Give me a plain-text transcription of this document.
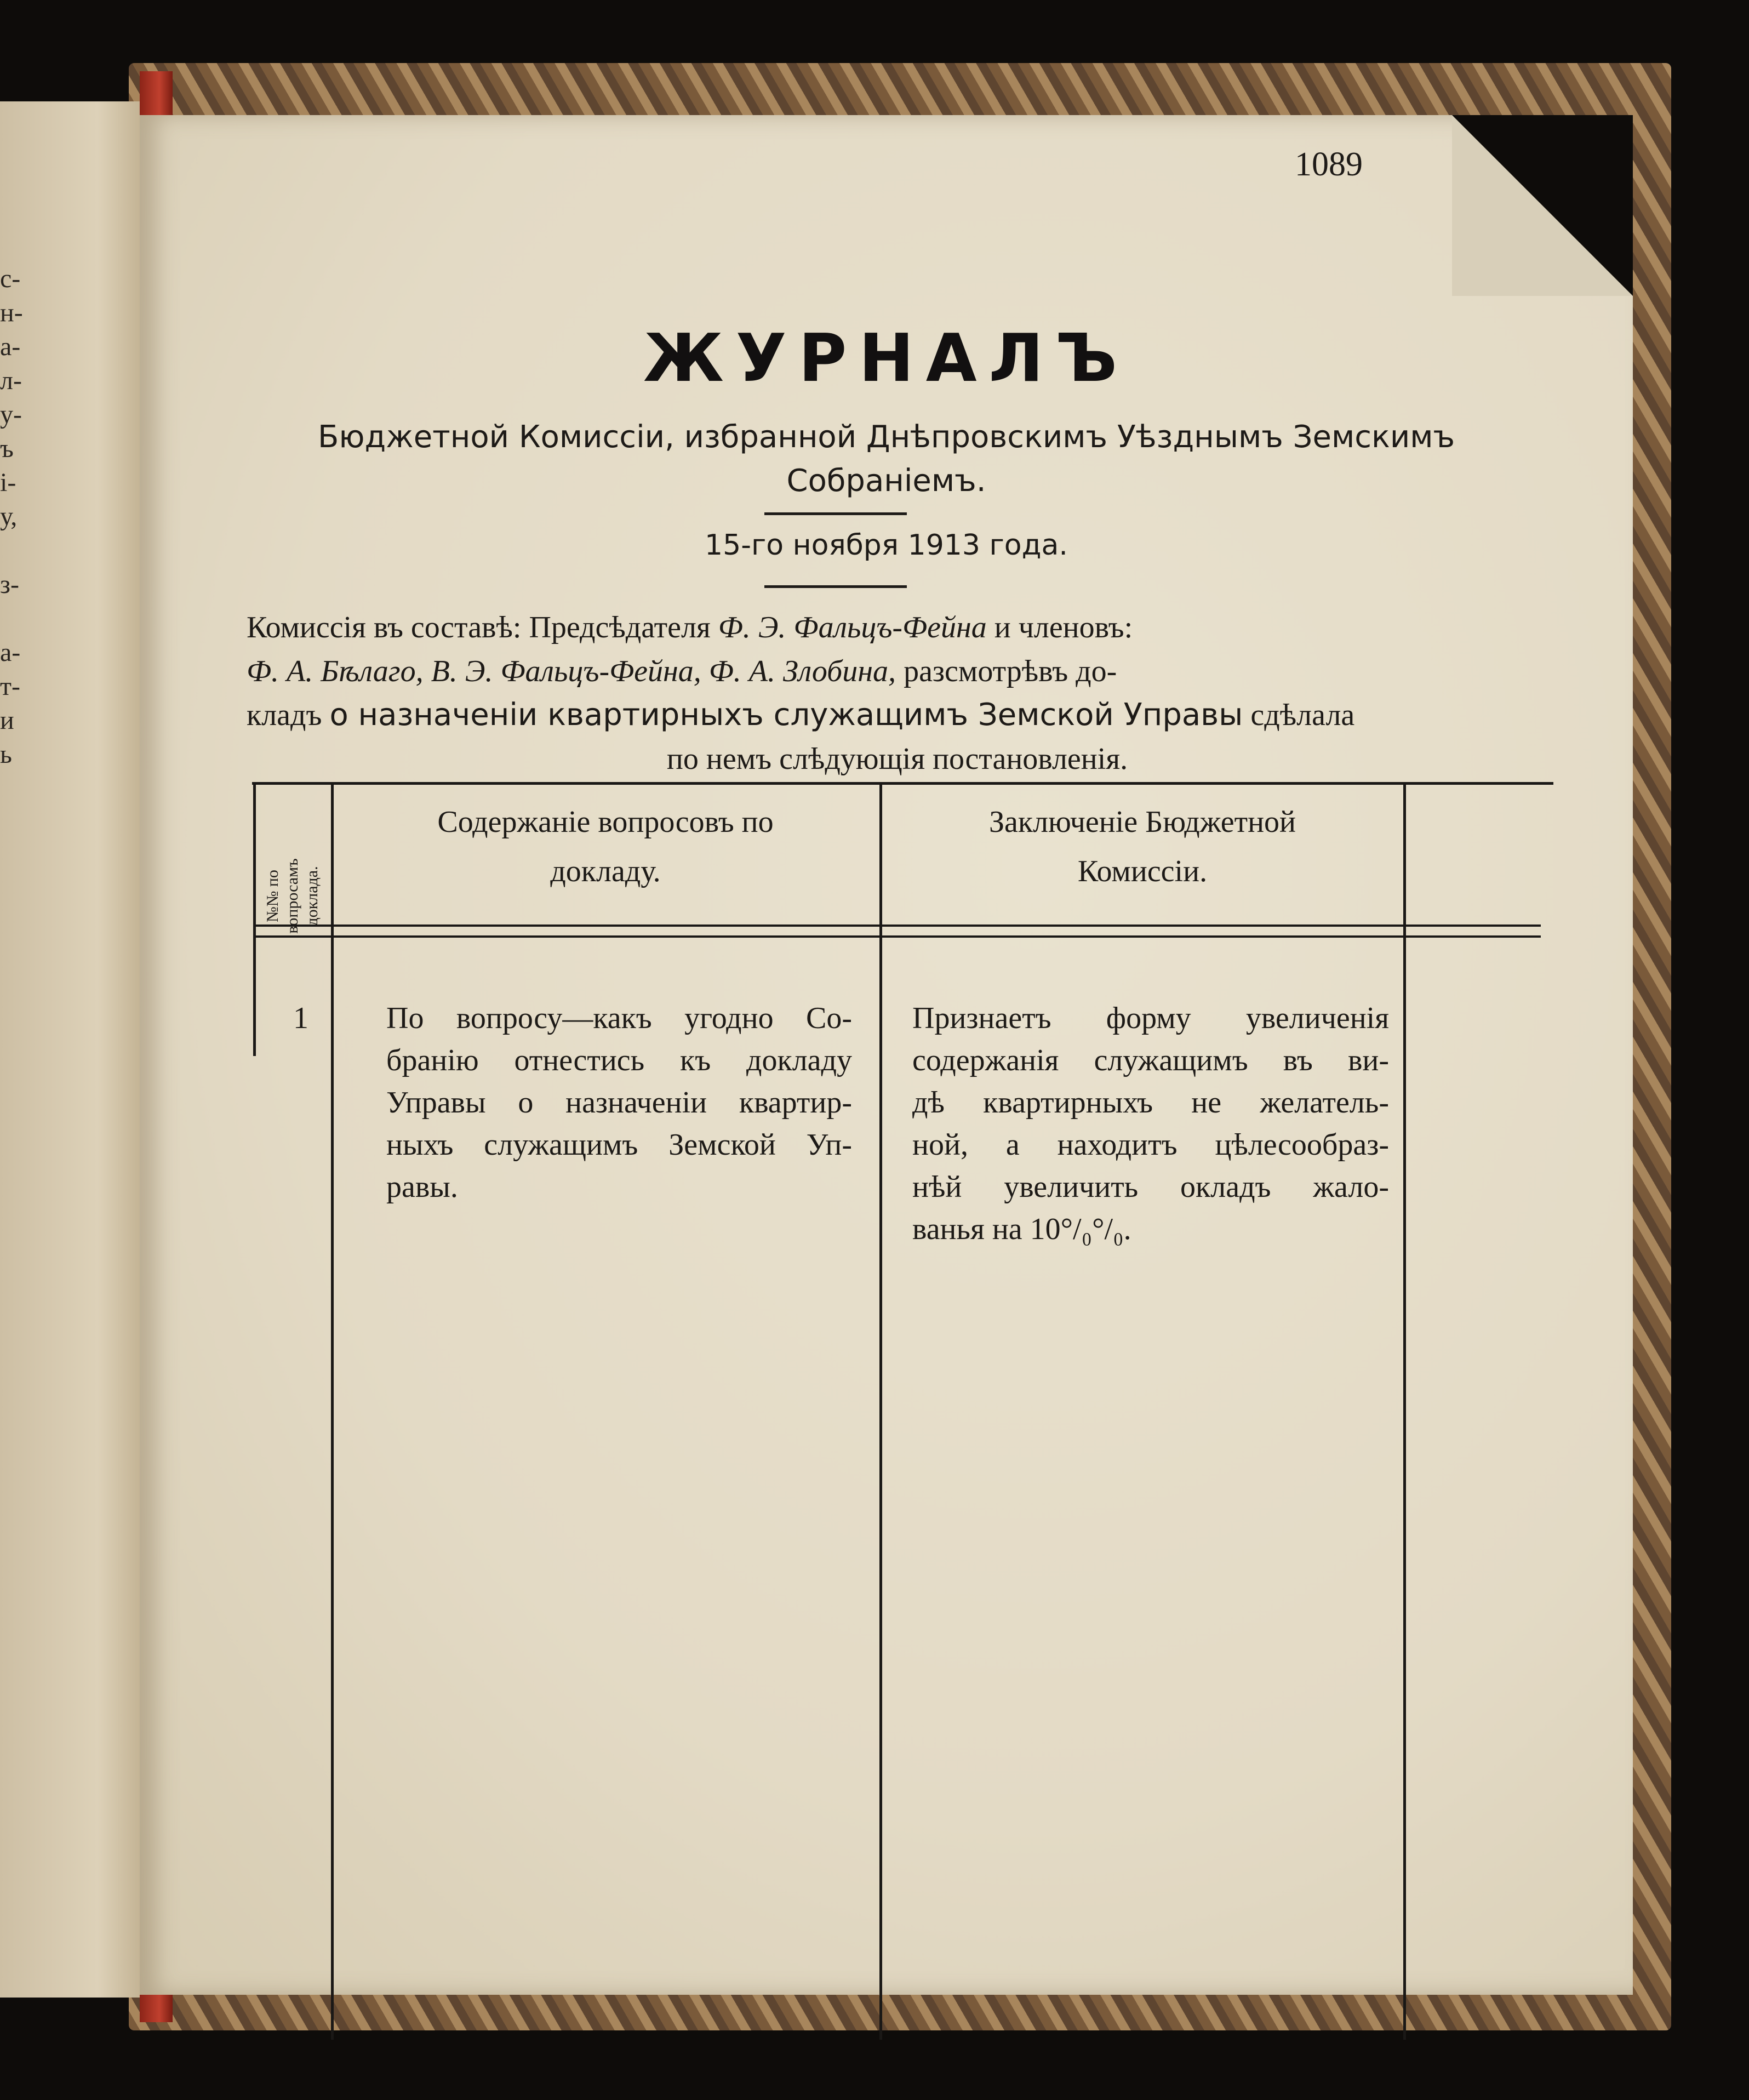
с-
н-
а-
л-
у-
ъ
і-
у,
з-
а-
т-
и
ь
1089
ЖУРНАЛЪ
Бюджетной Комиссіи, избранной Днѣпровскимъ Уѣзднымъ Земскимъ
Собраніемъ.
15-го ноября 1913 года.
Комиссія въ составѣ: Предсѣдателя Ф. Э. Фальцъ-Фейна и членовъ:
Ф. А. Бѣлаго, В. Э. Фальцъ-Фейна, Ф. А. Злобина, разсмотрѣвъ до-
кладъ о назначеніи квартирныхъ служащимъ Земской Управы сдѣлала
по немъ слѣдующія постановленія.
№№ по вопросамъ доклада.
Содержаніе вопросовъ по
докладу.
Заключеніе Бюджетной
Комиссіи.
1	По вопросу—какъ угодно Со-
бранію отнестись къ докладу
Управы о назначеніи квартир-
ныхъ служащимъ Земской Уп-
равы.
Признаетъ форму увеличенія
содержанія служащимъ въ ви-
дѣ квартирныхъ не желатель-
ной, а находитъ цѣлесообраз-
нѣй увеличить окладъ жало-
ванья на 10°/₀°/₀.
